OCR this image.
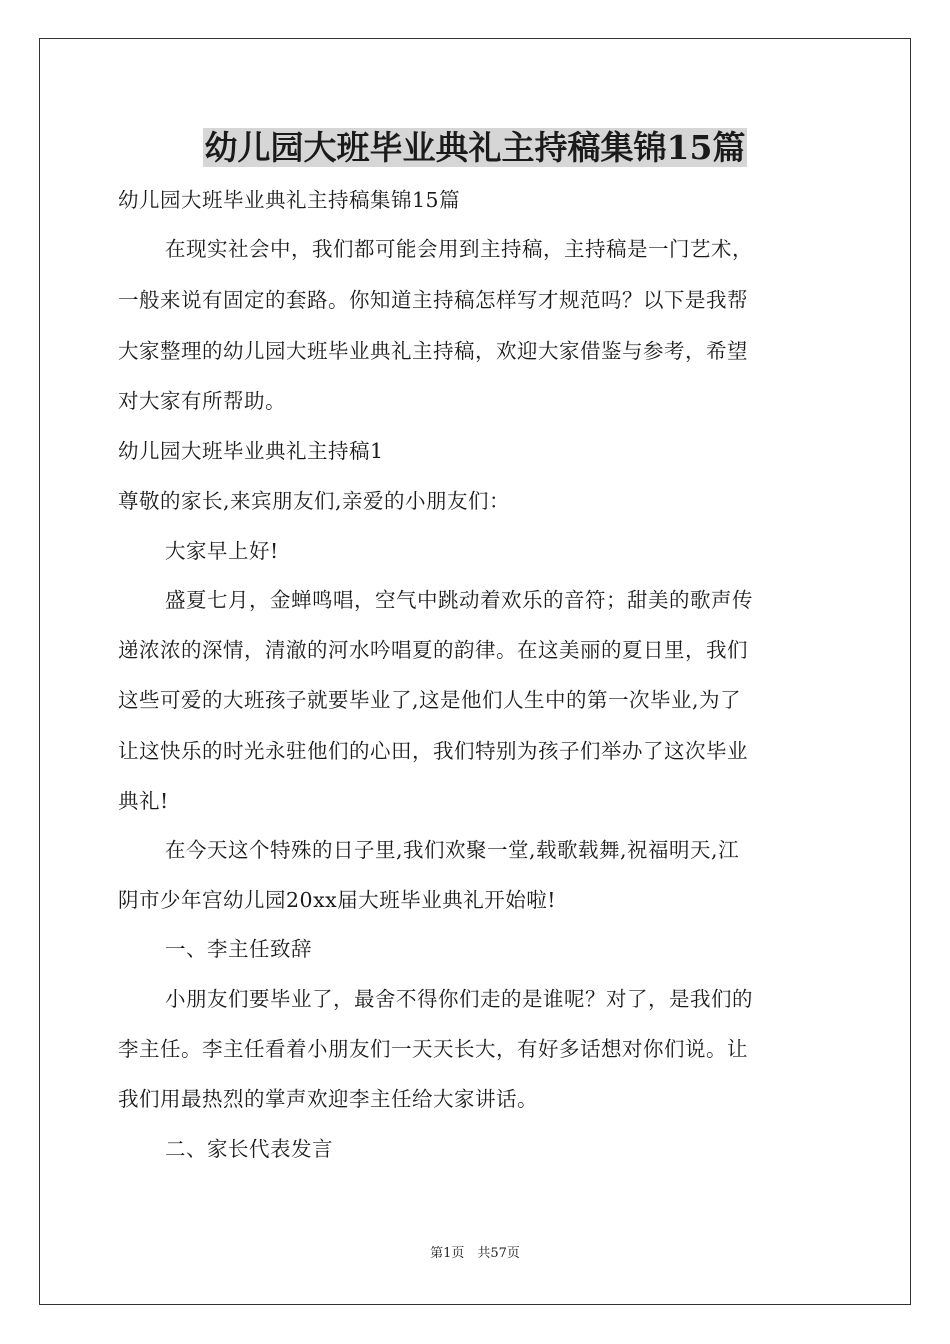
幼儿园大班毕业典礼主持稿集锦15篇
幼儿园大班毕业典礼主持稿集锦15篇
在现实社会中，我们都可能会用到主持稿，主持稿是一门艺术，
一般来说有固定的套路。你知道主持稿怎样写才规范吗？以下是我帮
大家整理的幼儿园大班毕业典礼主持稿，欢迎大家借鉴与参考，希望
对大家有所帮助。
幼儿园大班毕业典礼主持稿1
尊敬的家长,来宾朋友们,亲爱的小朋友们：
大家早上好!
盛夏七月，金蝉鸣唱，空气中跳动着欢乐的音符；甜美的歌声传
递浓浓的深情，清澈的河水吟唱夏的韵律。在这美丽的夏日里，我们
这些可爱的大班孩子就要毕业了,这是他们人生中的第一次毕业,为了
让这快乐的时光永驻他们的心田，我们特别为孩子们举办了这次毕业
典礼!
在今天这个特殊的日子里,我们欢聚一堂,载歌载舞,祝福明天,江
阴市少年宫幼儿园20xx届大班毕业典礼开始啦!
一、李主任致辞
小朋友们要毕业了，最舍不得你们走的是谁呢？对了，是我们的
李主任。李主任看着小朋友们一天天长大，有好多话想对你们说。让
我们用最热烈的掌声欢迎李主任给大家讲话。
二、家长代表发言
第1页　共57页
